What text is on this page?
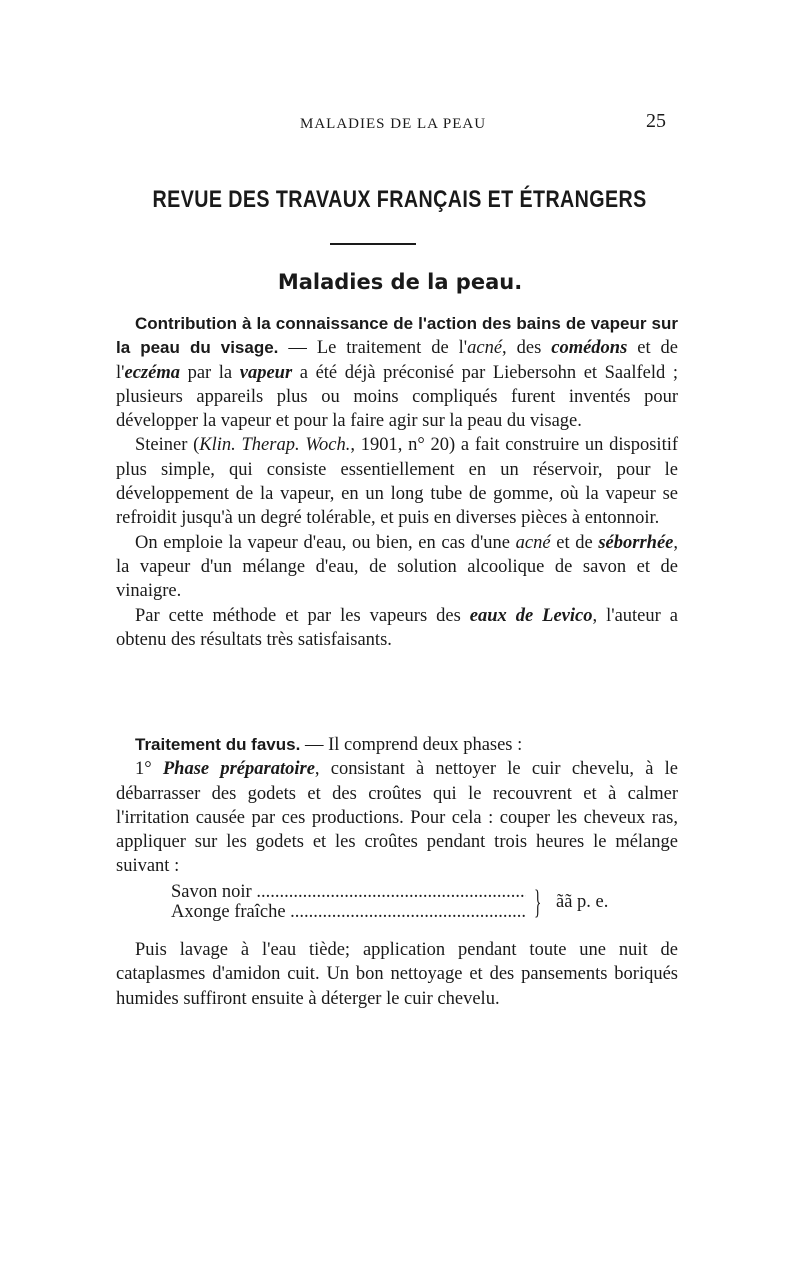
MALADIES DE LA PEAU	25
REVUE DES TRAVAUX FRANÇAIS ET ÉTRANGERS
Maladies de la peau.

Contribution à la connaissance de l'action des bains de vapeur sur la peau du visage. — Le traitement de l'acné, des comédons et de l'eczéma par la vapeur a été déjà préconisé par Liebersohn et Saalfeld ; plusieurs appareils plus ou moins compliqués furent inventés pour développer la vapeur et pour la faire agir sur la peau du visage.

Steiner (Klin. Therap. Woch., 1901, n° 20) a fait construire un dispositif plus simple, qui consiste essentiellement en un réservoir, pour le développement de la vapeur, en un long tube de gomme, où la vapeur se refroidit jusqu'à un degré tolérable, et puis en diverses pièces à entonnoir.

On emploie la vapeur d'eau, ou bien, en cas d'une acné et de séborrhée, la vapeur d'un mélange d'eau, de solution alcoolique de savon et de vinaigre.

Par cette méthode et par les vapeurs des eaux de Levico, l'auteur a obtenu des résultats très satisfaisants.

Traitement du favus. — Il comprend deux phases :

1° Phase préparatoire, consistant à nettoyer le cuir chevelu, à le débarrasser des godets et des croûtes qui le recouvrent et à calmer l'irritation causée par ces productions. Pour cela : couper les cheveux ras, appliquer sur les godets et les croûtes pendant trois heures le mélange suivant :

Savon noir .....
Axonge fraîche .....	} ãã p. e.

Puis lavage à l'eau tiède; application pendant toute une nuit de cataplasmes d'amidon cuit. Un bon nettoyage et des pansements boriqués humides suffiront ensuite à déterger le cuir chevelu.
